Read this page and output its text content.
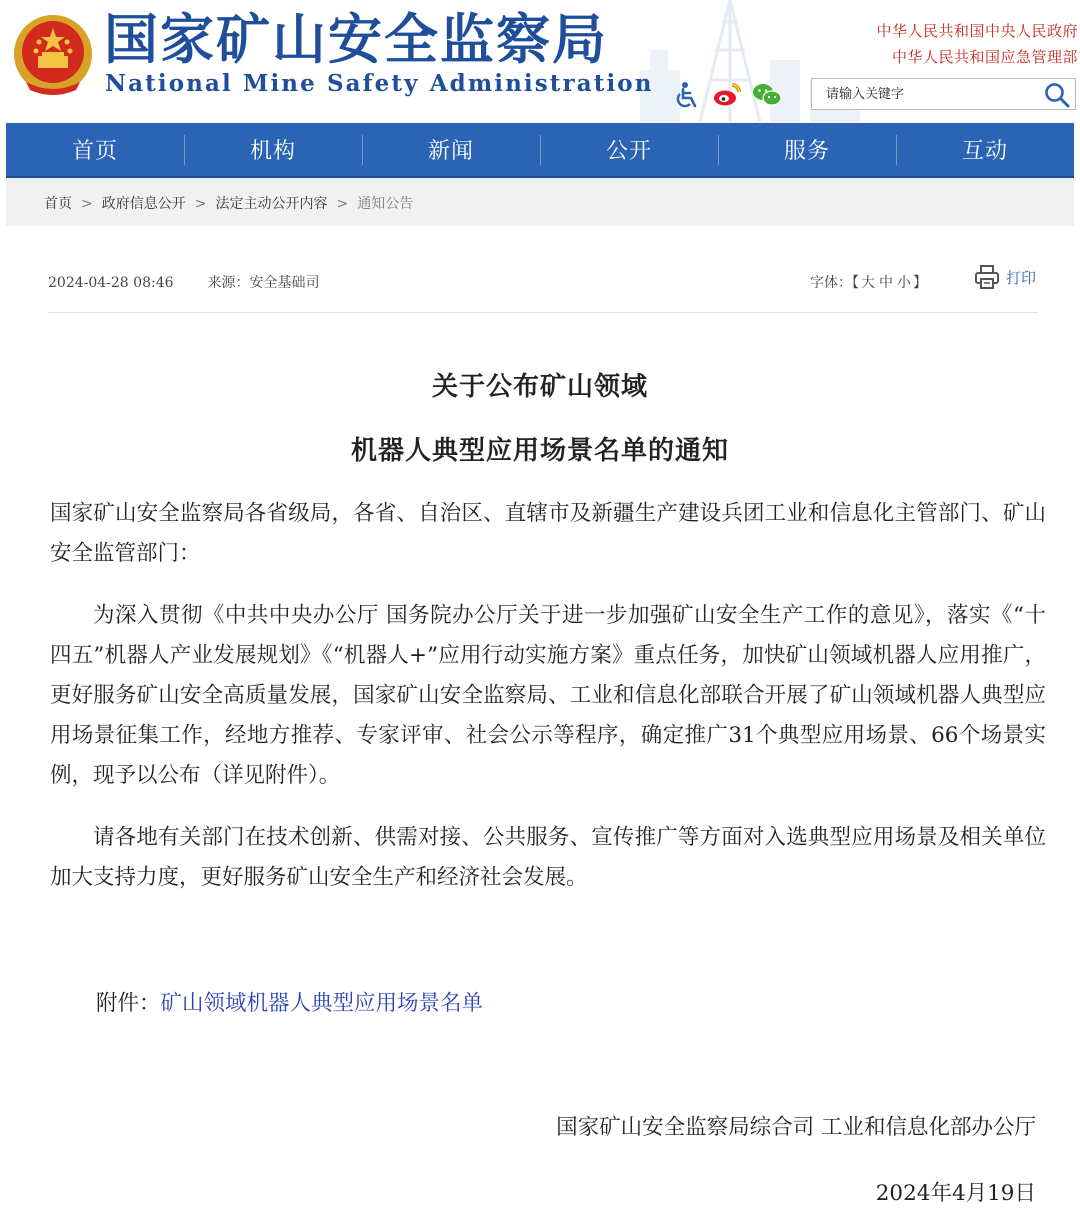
国家矿山安全监察局
National Mine Safety Administration
中华人民共和国中央人民政府
中华人民共和国应急管理部
请输入关键字
首页	机构	新闻	公开	服务	互动
首页 > 政府信息公开 > 法定主动公开内容 > 通知公告
2024-04-28 08:46 来源：安全基础司	字体：【 大 中 小 】	打印
关于公布矿山领域
机器人典型应用场景名单的通知
国家矿山安全监察局各省级局，各省、自治区、直辖市及新疆生产建设兵团工业和信息化主管部门、矿山安全监管部门：
为深入贯彻《中共中央办公厅 国务院办公厅关于进一步加强矿山安全生产工作的意见》，落实《“十四五”机器人产业发展规划》《“机器人+”应用行动实施方案》重点任务，加快矿山领域机器人应用推广，更好服务矿山安全高质量发展，国家矿山安全监察局、工业和信息化部联合开展了矿山领域机器人典型应用场景征集工作，经地方推荐、专家评审、社会公示等程序，确定推广31个典型应用场景、66个场景实例，现予以公布（详见附件）。
请各地有关部门在技术创新、供需对接、公共服务、宣传推广等方面对入选典型应用场景及相关单位加大支持力度，更好服务矿山安全生产和经济社会发展。
附件：矿山领域机器人典型应用场景名单
国家矿山安全监察局综合司 工业和信息化部办公厅
2024年4月19日
